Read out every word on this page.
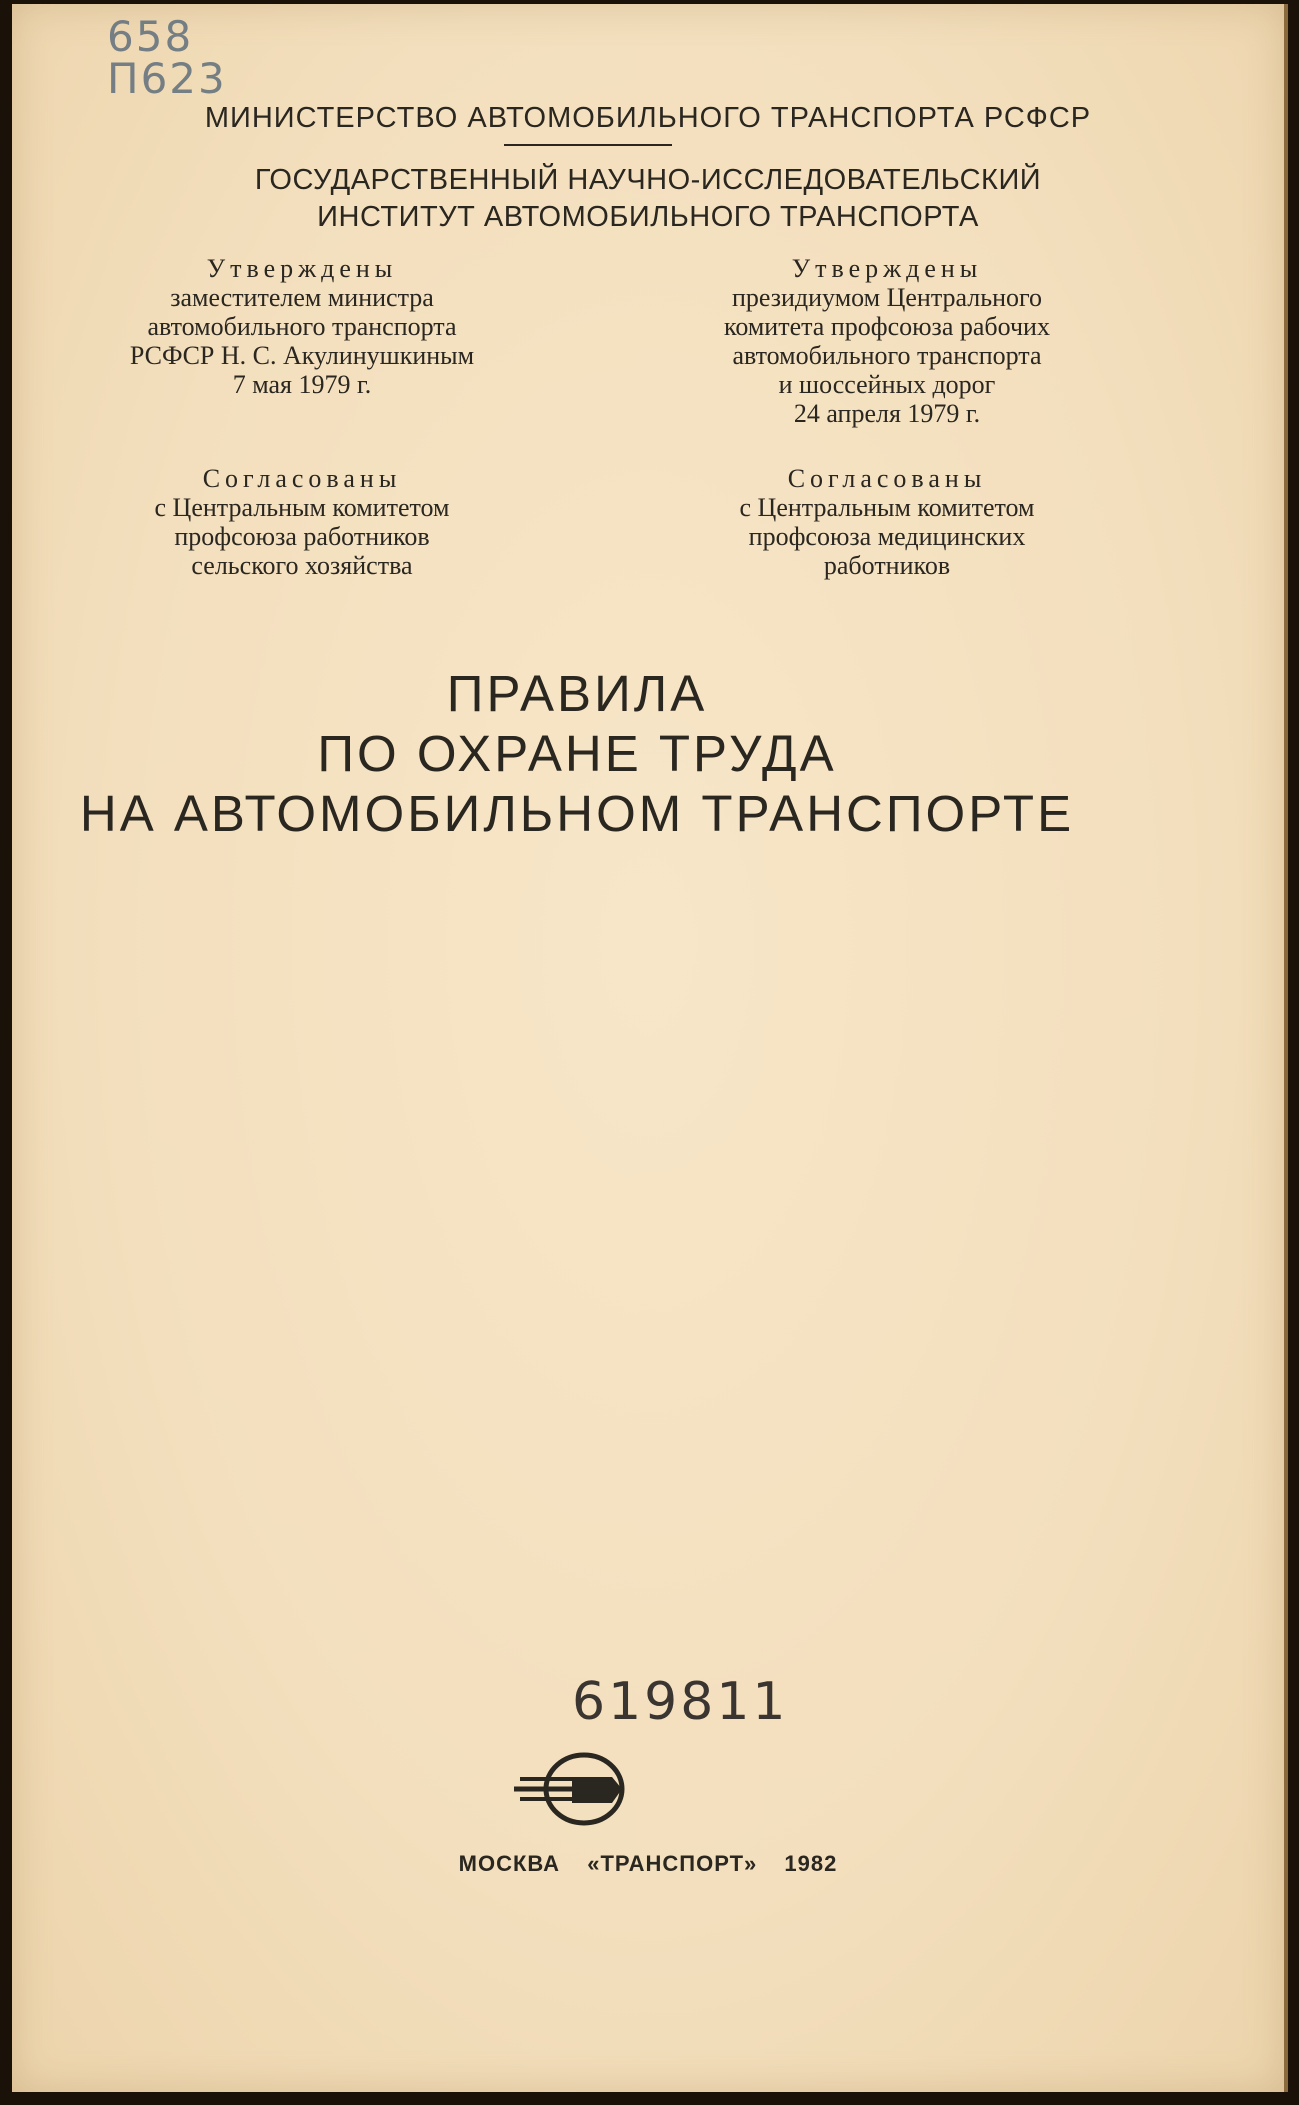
658
П623
МИНИСТЕРСТВО АВТОМОБИЛЬНОГО ТРАНСПОРТА РСФСР
ГОСУДАРСТВЕННЫЙ НАУЧНО-ИССЛЕДОВАТЕЛЬСКИЙ
ИНСТИТУТ АВТОМОБИЛЬНОГО ТРАНСПОРТА
Утверждены
заместителем министра
автомобильного транспорта
РСФСР Н. С. Акулинушкиным
7 мая 1979 г.
Утверждены
президиумом Центрального
комитета профсоюза рабочих
автомобильного транспорта
и шоссейных дорог
24 апреля 1979 г.
Согласованы
с Центральным комитетом
профсоюза работников
сельского хозяйства
Согласованы
с Центральным комитетом
профсоюза медицинских
работников
ПРАВИЛА
ПО ОХРАНЕ ТРУДА
НА АВТОМОБИЛЬНОМ ТРАНСПОРТЕ
619811
МОСКВА «ТРАНСПОРТ» 1982
